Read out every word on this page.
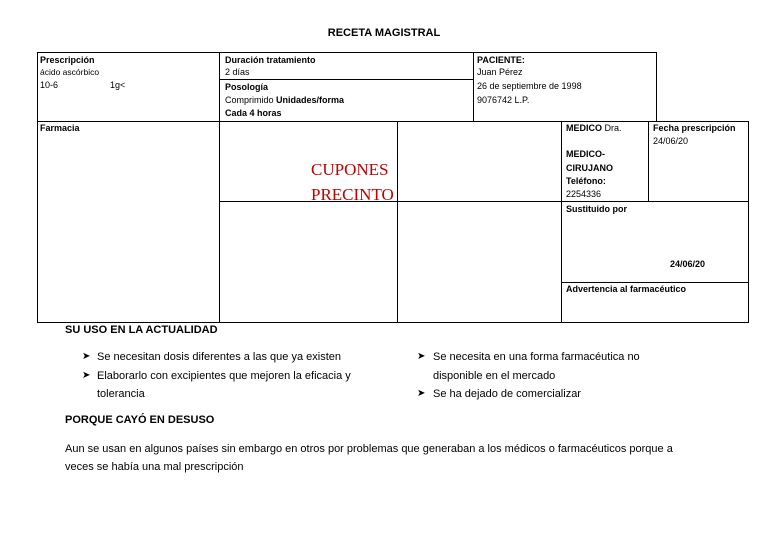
RECETA MAGISTRAL
Prescripción
ácido ascórbico
10-6	1g<
Duración tratamiento
2 días
Posología
Comprimido Unidades/forma
Cada 4 horas
PACIENTE:
Juan Pérez
26 de septiembre de 1998
9076742 L.P.
Farmacia
CUPONES
PRECINTO
MEDICO Dra.
MEDICO-
CIRUJANO
Teléfono:
2254336
Fecha prescripción
24/06/20
Sustituido por
24/06/20
Advertencia al farmacéutico
SU USO EN LA ACTUALIDAD
➤ Se necesitan dosis diferentes a las que ya existen
➤ Elaborarlo con excipientes que mejoren la eficacia y
tolerancia
➤ Se necesita en una forma farmacéutica no
disponible en el mercado
➤ Se ha dejado de comercializar
PORQUE CAYÓ EN DESUSO
Aun se usan en algunos países sin embargo en otros por problemas que generaban a los médicos o farmacéuticos porque a
veces se había una mal prescripción
